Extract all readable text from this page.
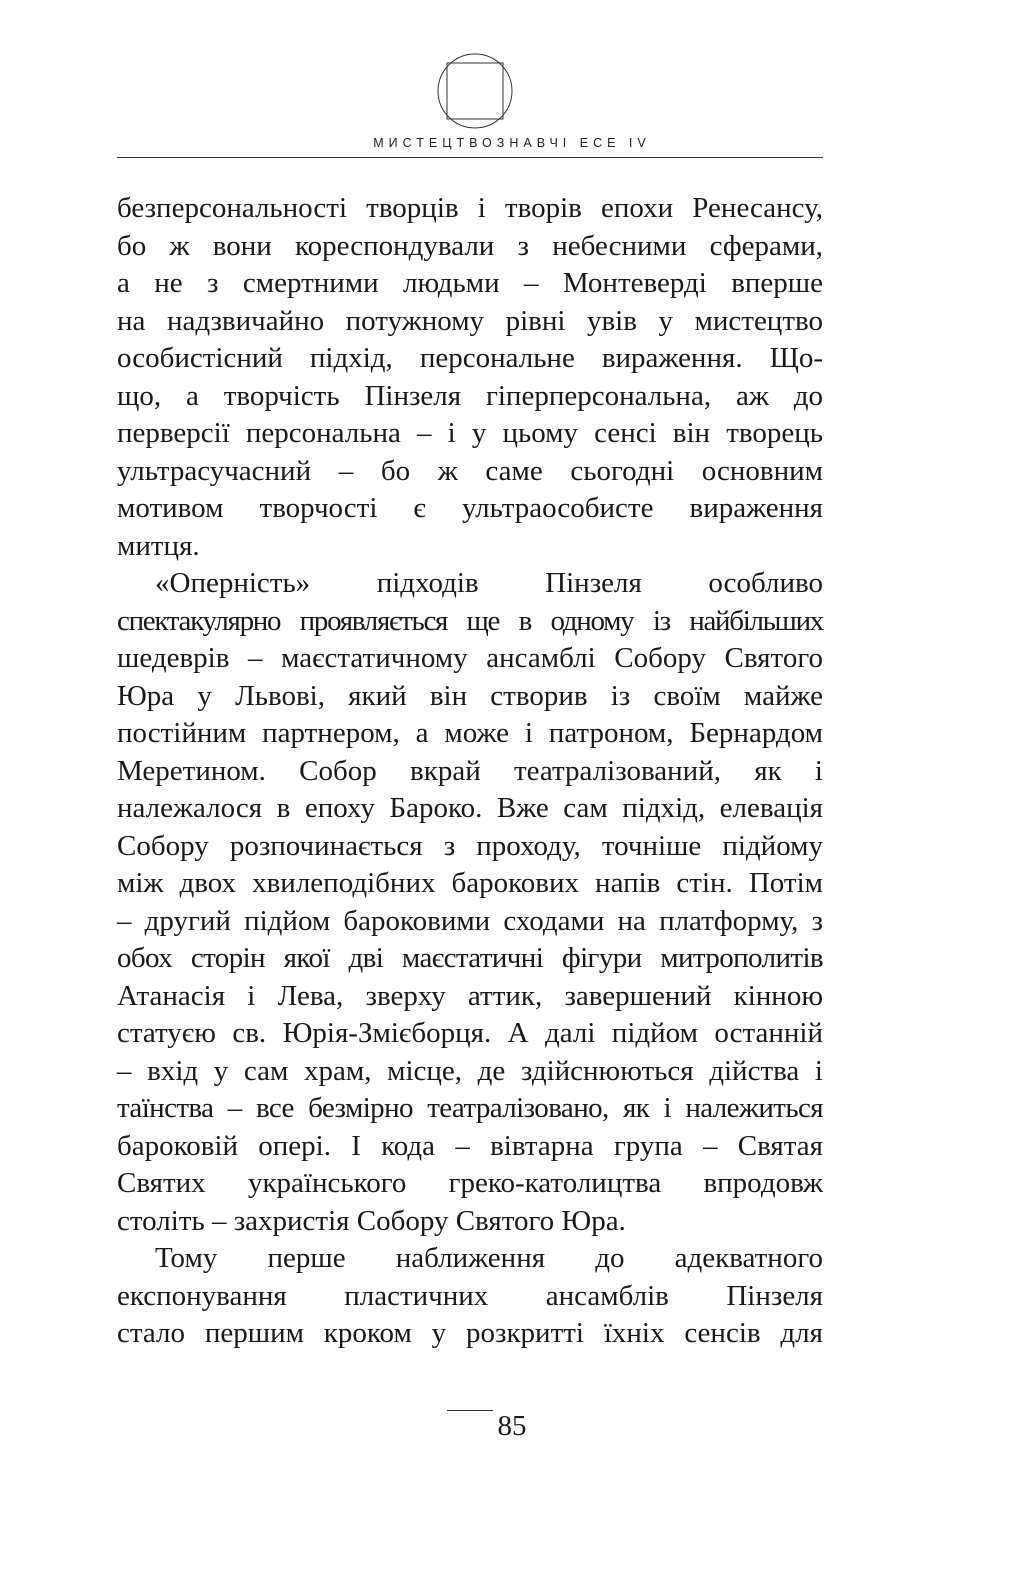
МИСТЕЦТВОЗНАВЧІ ЕСЕ IV
безперсональності творців і творів епохи Ренесансу,
бо ж вони кореспондували з небесними сферами,
а не з смертними людьми – Монтеверді вперше
на надзвичайно потужному рівні увів у мистецтво
особистісний підхід, персональне вираження. Що-
що, а творчість Пінзеля гіперперсональна, аж до
перверсії персональна – і у цьому сенсі він творець
ультрасучасний – бо ж саме сьогодні основним
мотивом творчості є ультраособисте вираження
митця.
«Оперність» підходів Пінзеля особливо
спектакулярно проявляється ще в одному із найбільших
шедеврів – маєстатичному ансамблі Собору Святого
Юра у Львові, який він створив із своїм майже
постійним партнером, а може і патроном, Бернардом
Меретином. Собор вкрай театралізований, як і
належалося в епоху Бароко. Вже сам підхід, елевація
Собору розпочинається з проходу, точніше підйому
між двох хвилеподібних барокових напів стін. Потім
– другий підйом бароковими сходами на платформу, з
обох сторін якої дві маєстатичні фігури митрополитів
Атанасія і Лева, зверху аттик, завершений кінною
статуєю св. Юрія-Змієборця. А далі підйом останній
– вхід у сам храм, місце, де здійснюються дійства і
таїнства – все безмірно театралізовано, як і належиться
бароковій опері. І кода – вівтарна група – Святая
Святих українського греко-католицтва впродовж
століть – захристія Собору Святого Юра.
Тому перше наближення до адекватного
експонування пластичних ансамблів Пінзеля
стало першим кроком у розкритті їхніх сенсів для
85
